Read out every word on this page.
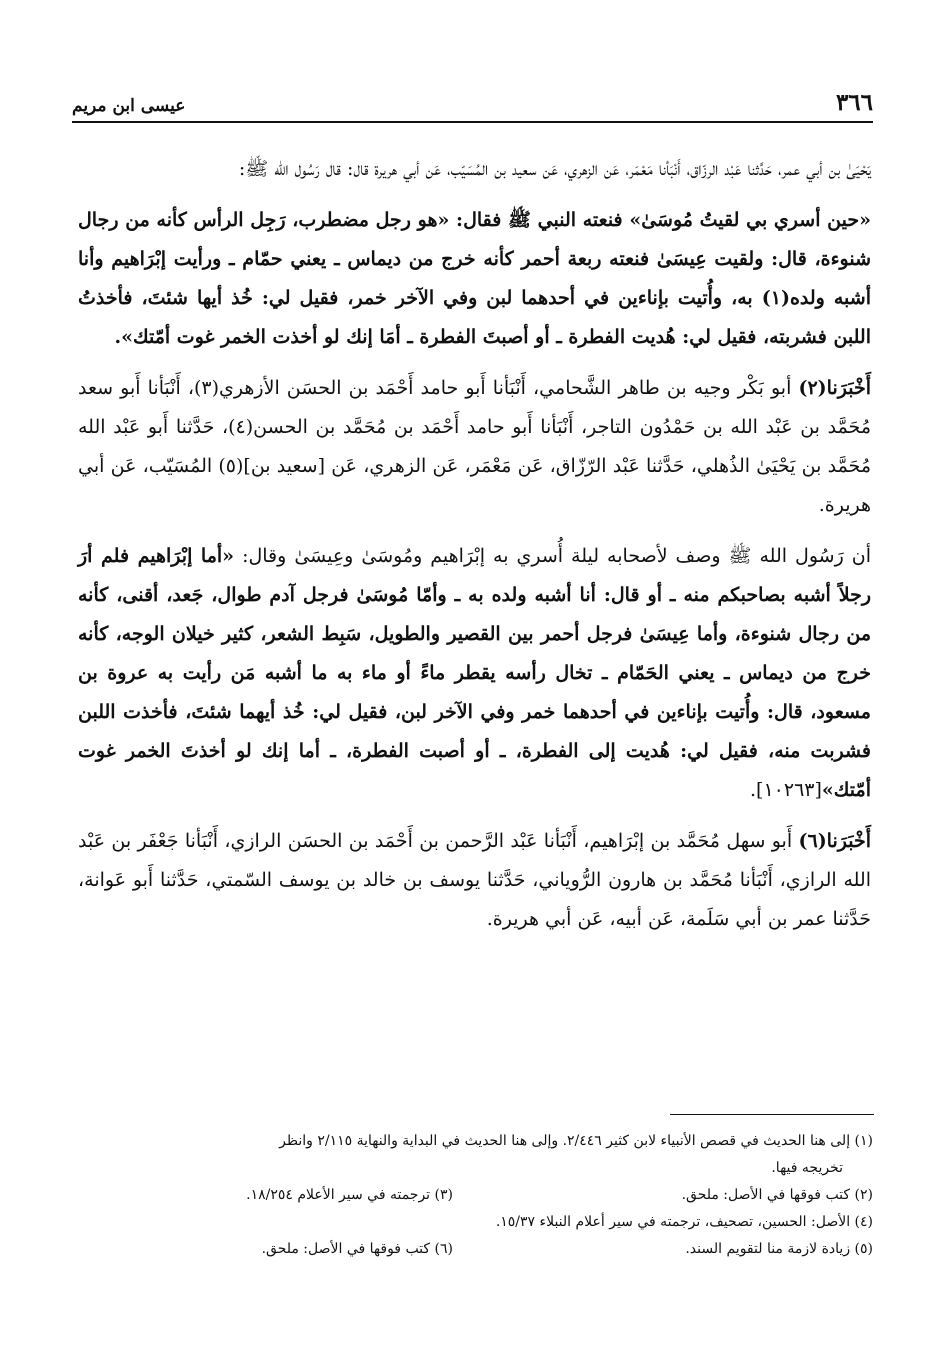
٣٦٦
عيسى ابن مريم

يَحْيَىٰ بن أبي عمر، حَدَّثنا عَبْد الرزّاق، أَنْبَأنا مَعْمَر، عَن الزهري، عَن سعيد بن المُسَيّب، عَن أبي هريرة قال: قال رَسُول الله ﷺ:

«حين أسري بي لقيتُ مُوسَىٰ» فنعته النبي ﷺ فقال: «هو رجل مضطرب، رَجِل الرأس كأنه من رجال شنوءة، قال: ولقيت عِيسَىٰ فنعته ربعة أحمر كأنه خرج من ديماس ـ يعني حمّام ـ ورأيت إبْرَاهيم وأنا أشبه ولده(١) به، وأُتيت بإناءين في أحدهما لبن وفي الآخر خمر، فقيل لي: خُذ أيها شئتَ، فأخذتُ اللبن فشربته، فقيل لي: هُديت الفطرة ـ أو أصبتَ الفطرة ـ أمَا إنك لو أخذت الخمر غوت أمّتك».

أَخْبَرَنا(٢) أبو بَكْر وجيه بن طاهر الشَّحامي، أَنْبَأنا أَبو حامد أَحْمَد بن الحسَن الأزهري(٣)، أَنْبَأنا أَبو سعد مُحَمَّد بن عَبْد الله بن حَمْدُون التاجر، أَنْبَأنا أَبو حامد أَحْمَد بن مُحَمَّد بن الحسن(٤)، حَدَّثنا أَبو عَبْد الله مُحَمَّد بن يَحْيَىٰ الذُهلي، حَدَّثنا عَبْد الرّزّاق، عَن مَعْمَر، عَن الزهري، عَن [سعيد بن](٥) المُسَيّب، عَن أبي هريرة.

أن رَسُول الله ﷺ وصف لأصحابه ليلة أُسري به إبْرَاهيم ومُوسَىٰ وعِيسَىٰ وقال: «أما إبْرَاهيم فلم أرَ رجلاً أشبه بصاحبكم منه ـ أو قال: أنا أشبه ولده به ـ وأمّا مُوسَىٰ فرجل آدم طوال، جَعد، أقنى، كأنه من رجال شنوءة، وأما عِيسَىٰ فرجل أحمر بين القصير والطويل، سَبِط الشعر، كثير خيلان الوجه، كأنه خرج من ديماس ـ يعني الحَمّام ـ تخال رأسه يقطر ماءً أو ماء به ما أشبه مَن رأيت به عروة بن مسعود، قال: وأُتيت بإناءين في أحدهما خمر وفي الآخر لبن، فقيل لي: خُذ أيهما شئتَ، فأخذت اللبن فشربت منه، فقيل لي: هُديت إلى الفطرة، ـ أو أصبت الفطرة، ـ أما إنك لو أخذتَ الخمر غوت أمّتك»[١٠٢٦٣].

أَخْبَرَنا(٦) أَبو سهل مُحَمَّد بن إبْرَاهيم، أَنْبَأنا عَبْد الرَّحمن بن أَحْمَد بن الحسَن الرازي، أَنْبَأنا جَعْفَر بن عَبْد الله الرازي، أَنْبَأنا مُحَمَّد بن هارون الرُّوياني، حَدَّثنا يوسف بن خالد بن يوسف السّمتي، حَدَّثنا أَبو عَوانة، حَدَّثنا عمر بن أبي سَلَمة، عَن أبيه، عَن أبي هريرة.

(١) إلى هنا الحديث في قصص الأنبياء لابن كثير ٢/٤٤٦. وإلى هنا الحديث في البداية والنهاية ٢/١١٥ وانظر

تخريجه فيها.

(٢) كتب فوقها في الأصل: ملحق.

(٣) ترجمته في سير الأعلام ١٨/٢٥٤.

(٤) الأصل: الحسين، تصحيف، ترجمته في سير أعلام النبلاء ١٥/٣٧.

(٥) زيادة لازمة منا لتقويم السند.

(٦) كتب فوقها في الأصل: ملحق.
